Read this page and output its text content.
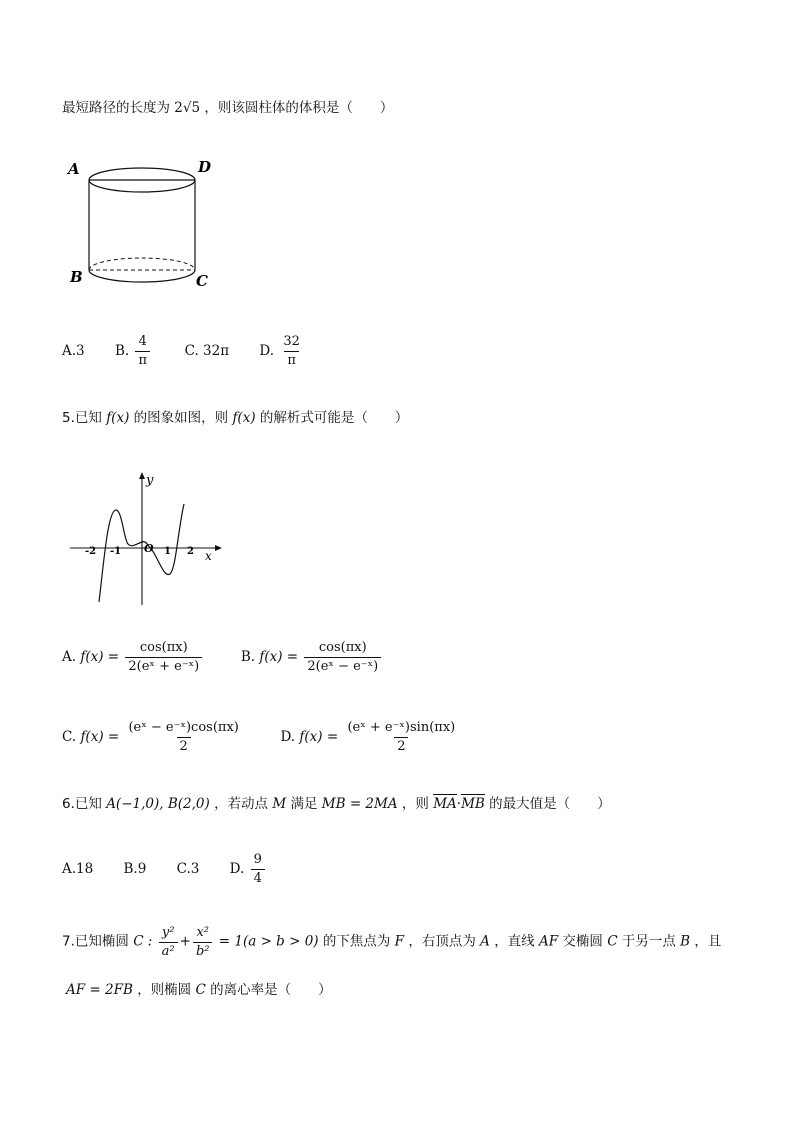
最短路径的长度为 2√5 ，则该圆柱体的体积是（　　）
A	D
B	C
A.3 B. $\frac{4}{\pi}$	C. 32π D. $\frac{32}{\pi}$
5.已知 f(x) 的图象如图，则 f(x) 的解析式可能是（　　）
y
x
O
-2 -1	1 2
A. $f(x) = \frac{\cos(\pi x)}{\text{2(eˣ + e⁻ˣ)}}$	B. $f(x) = \frac{\cos(\pi x)}{\text{2(eˣ − e⁻ˣ)}}$
C. $f(x) = \frac{\text{(eˣ − e⁻ˣ)cos(πx)}}{2}$	D. $f(x) = \frac{\text{(eˣ + e⁻ˣ)sin(πx)}}{2}$
6.已知 A(−1,0), B(2,0) ，若动点 M 满足 MB = 2MA ，则 MA·MB 的最大值是（　　）
A.18 B.9 C.3 D. $\frac{9}{4}$
7.已知椭圆 C : $\frac{\text{y²}}{\text{a²}} + \frac{\text{x²}}{\text{b²}} = 1(a > b > 0)$ 的下焦点为 F ，右顶点为 A ，直线 AF 交椭圆 C 于另一点 B ，且
AF = 2FB ，则椭圆 C 的离心率是（　　）
